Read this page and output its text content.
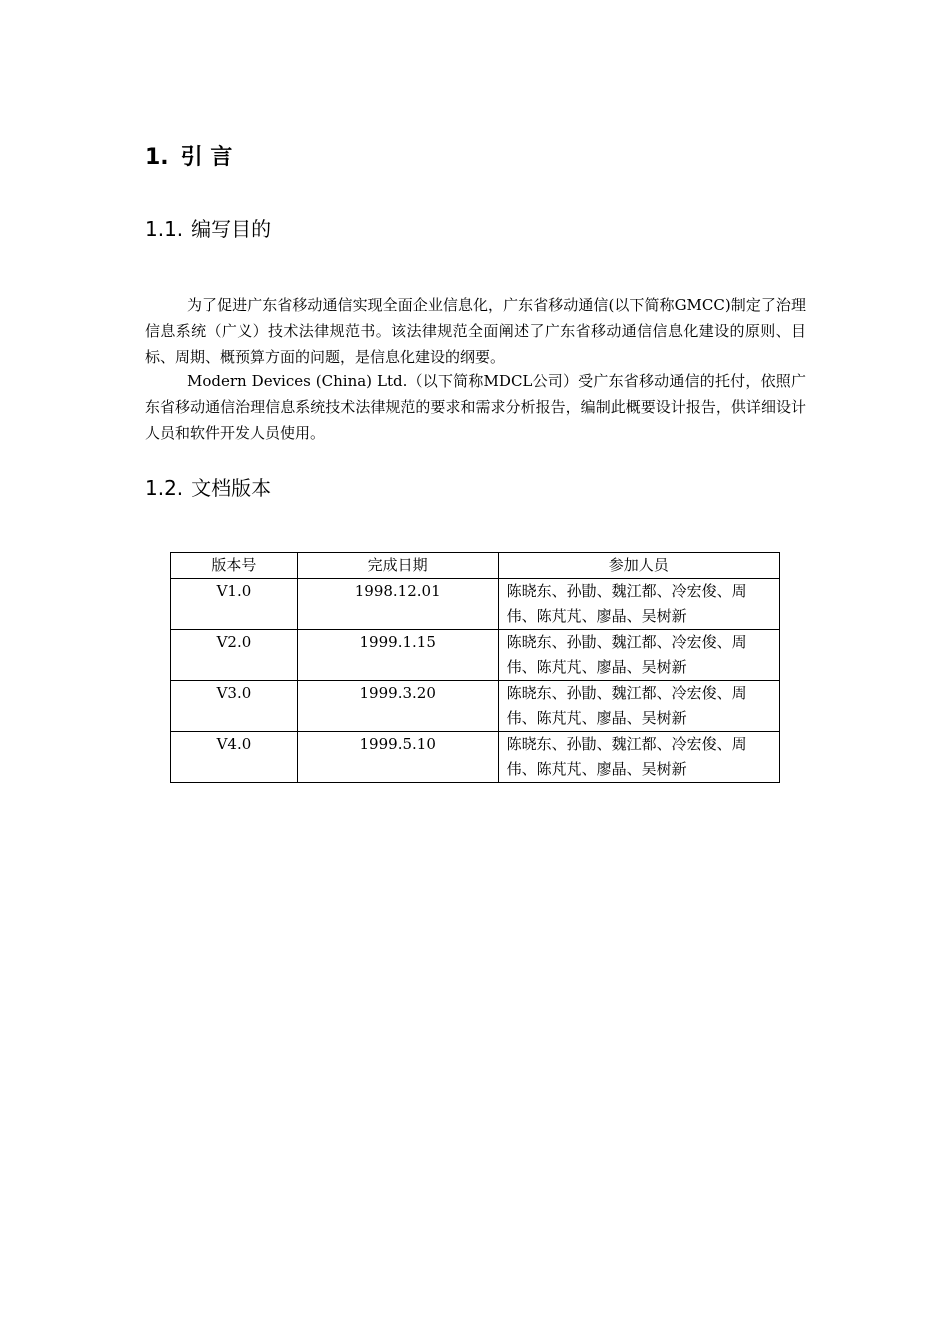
1. 引 言
1.1. 编写目的

为了促进广东省移动通信实现全面企业信息化，广东省移动通信(以下简称GMCC)制定了治理信息系统（广义）技术法律规范书。该法律规范全面阐述了广东省移动通信信息化建设的原则、目标、周期、概预算方面的问题，是信息化建设的纲要。

Modern Devices (China) Ltd.（以下简称MDCL公司）受广东省移动通信的托付，依照广东省移动通信治理信息系统技术法律规范的要求和需求分析报告，编制此概要设计报告，供详细设计人员和软件开发人员使用。

1.2. 文档版本
版本号	完成日期	参加人员
V1.0	1998.12.01	陈晓东、孙勖、魏江都、冷宏俊、周伟、陈芃芃、廖晶、吴树新
V2.0	1999.1.15	陈晓东、孙勖、魏江都、冷宏俊、周伟、陈芃芃、廖晶、吴树新
V3.0	1999.3.20	陈晓东、孙勖、魏江都、冷宏俊、周伟、陈芃芃、廖晶、吴树新
V4.0	1999.5.10	陈晓东、孙勖、魏江都、冷宏俊、周伟、陈芃芃、廖晶、吴树新
